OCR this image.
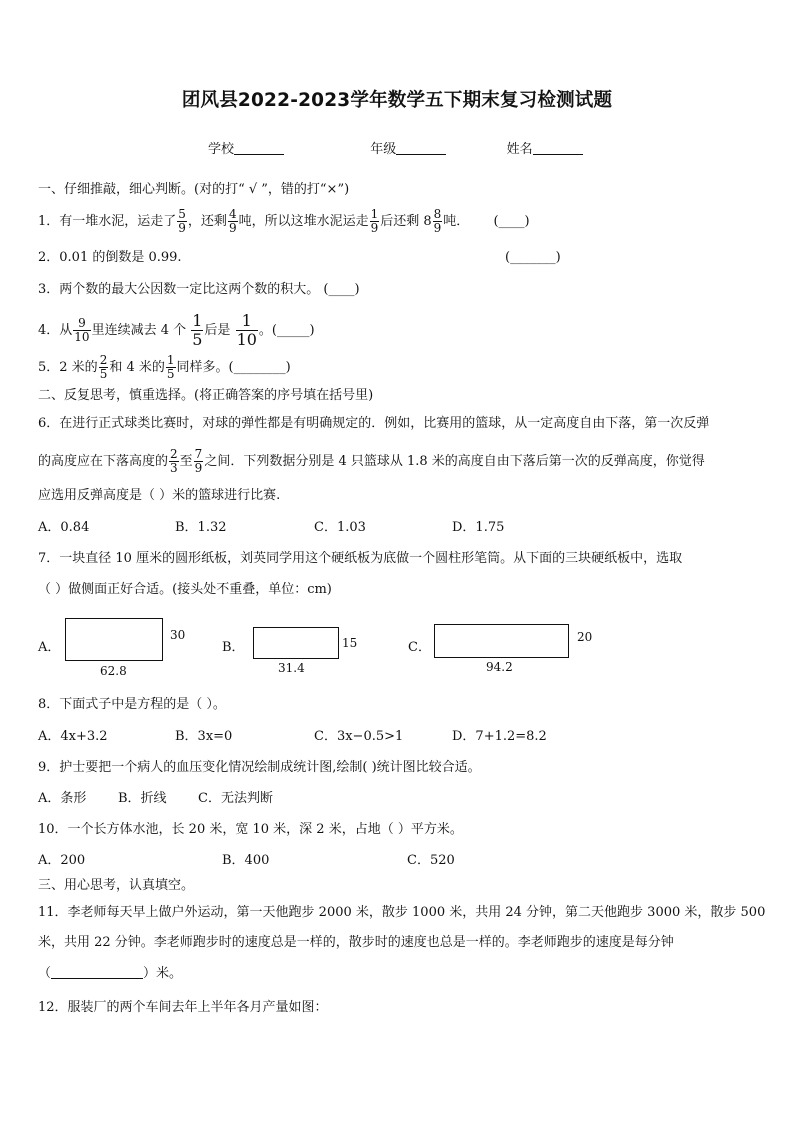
团风县2022-2023学年数学五下期末复习检测试题
学校	年级	姓名
一、仔细推敲，细心判断。(对的打“ √ ”，错的打“×”)
1．有一堆水泥，运走了 $\frac{5}{9}$ ，还剩 $\frac{4}{9}$ 吨，所以这堆水泥运走 $\frac{1}{9}$ 后还剩 $8 \frac{8}{9}$ 吨． (____)
2．0.01 的倒数是 0.99.	(_______)
3．两个数的最大公因数一定比这两个数的积大。 (____)
4．从 $\frac{9}{10}$ 里连续减去 4 个 $\frac{1}{5}$ 后是 $\frac{1}{10}$ 。(_____)
5．2 米的 $\frac{2}{5}$ 和 4 米的 $\frac{1}{5}$ 同样多。(________)
二、反复思考，慎重选择。(将正确答案的序号填在括号里)
6．在进行正式球类比赛时，对球的弹性都是有明确规定的．例如，比赛用的篮球，从一定高度自由下落，第一次反弹
的高度应在下落高度的 $\frac{2}{3}$ 至 $\frac{7}{9}$ 之间．下列数据分别是 4 只篮球从 1.8 米的高度自由下落后第一次的反弹高度，你觉得
应选用反弹高度是（ ）米的篮球进行比赛.
A．0.84	B．1.32	C．1.03	D．1.75
7．一块直径 10 厘米的圆形纸板，刘英同学用这个硬纸板为底做一个圆柱形笔筒。从下面的三块硬纸板中，选取
（ ）做侧面正好合适。(接头处不重叠，单位：cm)
A．
30
62.8
B．	15
31.4
C．
20
94.2
8．下面式子中是方程的是（ ）。
A．4x+3.2	B．3x=0	C．3x−0.5>1	D．7+1.2=8.2
9．护士要把一个病人的血压变化情况绘制成统计图,绘制( )统计图比较合适。
A．条形 B．折线 C．无法判断
10．一个长方体水池，长 20 米，宽 10 米，深 2 米，占地（ ）平方米。
A．200	B．400	C．520
三、用心思考，认真填空。
11．李老师每天早上做户外运动，第一天他跑步 2000 米，散步 1000 米，共用 24 分钟，第二天他跑步 3000 米，散步 500
米，共用 22 分钟。李老师跑步时的速度总是一样的，散步时的速度也总是一样的。李老师跑步的速度是每分钟
（	）米。
12．服装厂的两个车间去年上半年各月产量如图：
